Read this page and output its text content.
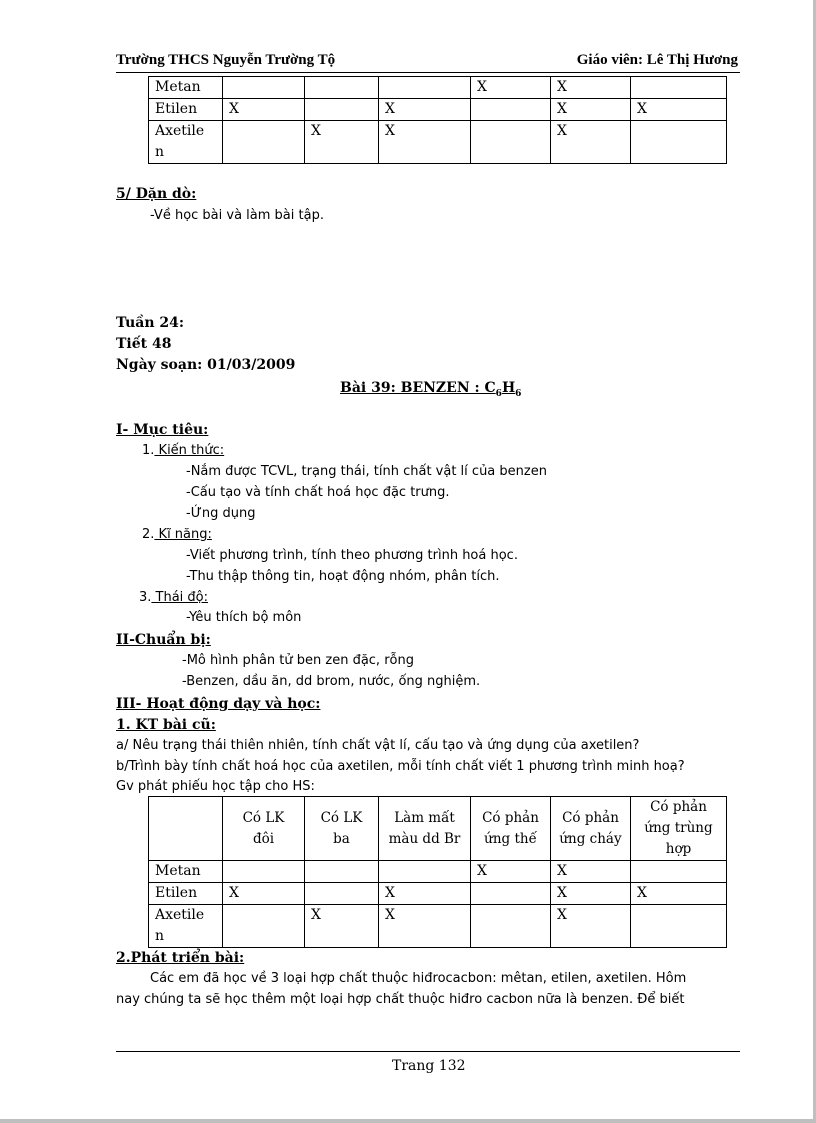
Trường THCS Nguyễn Trường Tộ	Giáo viên: Lê Thị Hương
Metan				X	X	
Etilen	X		X		X	X

Axetile
n		X	X		X	
5/ Dặn dò:
-Về học bài và làm bài tập.
Tuần 24:
Tiết 48
Ngày soạn: 01/03/2009
Bài 39: BENZEN : $C_6H_6$
I- Mục tiêu:
1. Kiến thức:
-Nắm được TCVL, trạng thái, tính chất vật lí của benzen
-Cấu tạo và tính chất hoá học đặc trưng.
-Ứng dụng
2. Kĩ năng:
-Viết phương trình, tính theo phương trình hoá học.
-Thu thập thông tin, hoạt động nhóm, phân tích.
3. Thái độ:
-Yêu thích bộ môn
II-Chuẩn bị:
-Mô hình phân tử ben zen đặc, rỗng
-Benzen, dầu ăn, dd brom, nước, ống nghiệm.
III- Hoạt động dạy và học:
1. KT bài cũ:
a/ Nêu trạng thái thiên nhiên, tính chất vật lí, cấu tạo và ứng dụng của axetilen?
b/Trình bày tính chất hoá học của axetilen, mỗi tính chất viết 1 phương trình minh hoạ?
Gv phát phiếu học tập cho HS:

	Có LK
đôi	Có LK
ba	Làm mất
màu dd Br	Có phản
ứng thế	Có phản
ứng cháy	Có phản
ứng trùng
hợp

Metan				X	X	
Etilen	X		X		X	X

Axetile
n		X	X		X	
2.Phát triển bài:
Các em đã học về 3 loại hợp chất thuộc hiđrocacbon: mêtan, etilen, axetilen. Hôm
nay chúng ta sẽ học thêm một loại hợp chất thuộc hiđro cacbon nữa là benzen. Để biết
Trang 132
